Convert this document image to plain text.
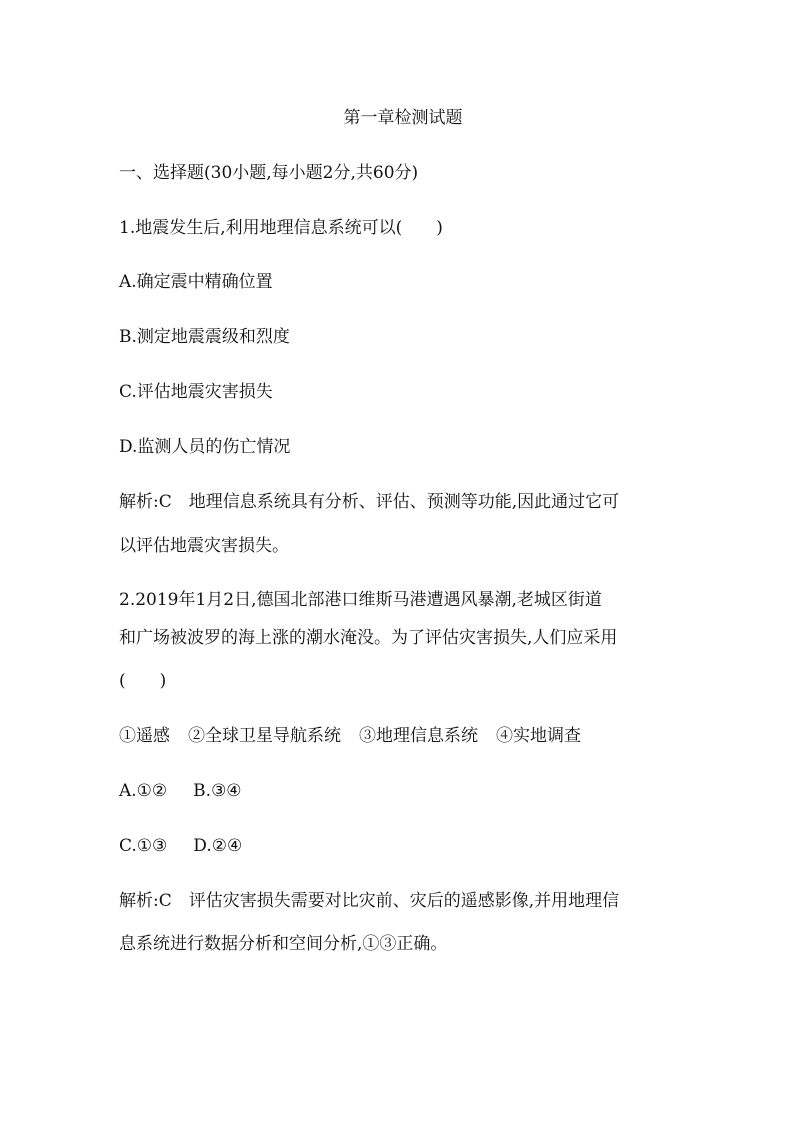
第一章检测试题

一、选择题(30小题,每小题2分,共60分)

1.地震发生后,利用地理信息系统可以(　　)

A.确定震中精确位置

B.测定地震震级和烈度

C.评估地震灾害损失

D.监测人员的伤亡情况

解析:C　地理信息系统具有分析、评估、预测等功能,因此通过它可

以评估地震灾害损失。

2.2019年1月2日,德国北部港口维斯马港遭遇风暴潮,老城区街道

和广场被波罗的海上涨的潮水淹没。为了评估灾害损失,人们应采用

(　　)

①遥感 ②全球卫星导航系统 ③地理信息系统 ④实地调查

A.①② B.③④

C.①③ D.②④

解析:C　评估灾害损失需要对比灾前、灾后的遥感影像,并用地理信

息系统进行数据分析和空间分析,①③正确。
